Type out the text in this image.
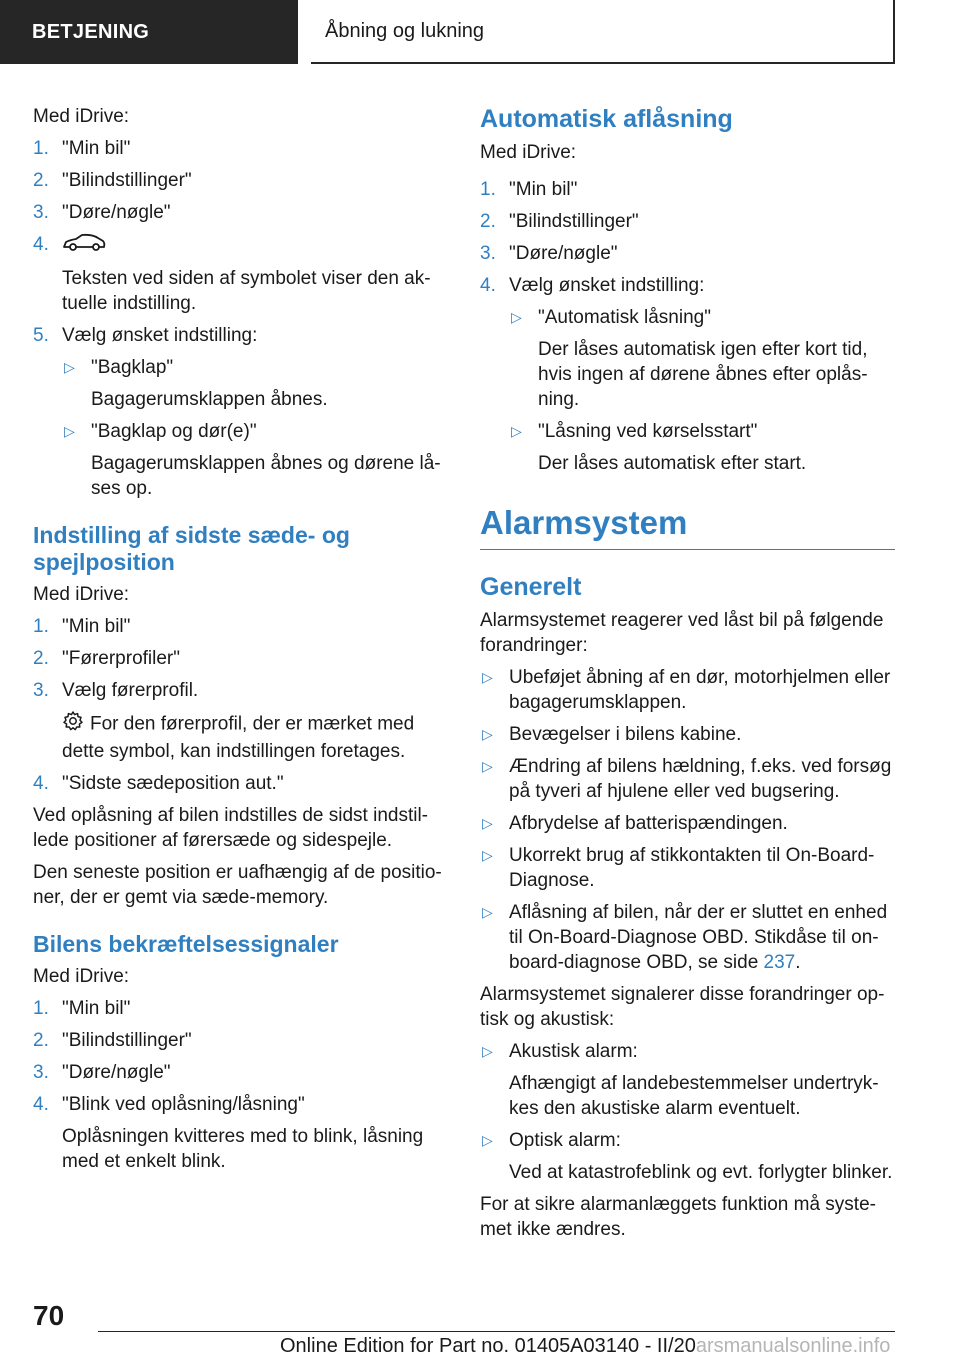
BETJENING	Åbning og lukning

Med iDrive:

1. "Min bil"
2. "Bilindstillinger"
3. "Døre/nøgle"
4.
Teksten ved siden af symbolet viser den ak-tuelle indstilling.
5. Vælg ønsket indstilling:
▷ "Bagklap"
Bagagerumsklappen åbnes.
▷ "Bagklap og dør(e)"
Bagagerumsklappen åbnes og dørene lå-ses op.
Indstilling af sidste sæde- og spejlposition

Med iDrive:

1. "Min bil"
2. "Førerprofiler"
3. Vælg førerprofil.
For den førerprofil, der er mærket med dette symbol, kan indstillingen foretages.
4. "Sidste sædeposition aut."

Ved oplåsning af bilen indstilles de sidst indstil-lede positioner af førersæde og sidespejle.

Den seneste position er uafhængig af de positio-ner, der er gemt via sæde-memory.

Bilens bekræftelsessignaler

Med iDrive:

1. "Min bil"
2. "Bilindstillinger"
3. "Døre/nøgle"
4. "Blink ved oplåsning/låsning"
Oplåsningen kvitteres med to blink, låsning med et enkelt blink.
Automatisk aflåsning

Med iDrive:

1. "Min bil"
2. "Bilindstillinger"
3. "Døre/nøgle"
4. Vælg ønsket indstilling:
▷ "Automatisk låsning"
Der låses automatisk igen efter kort tid, hvis ingen af dørene åbnes efter oplås-ning.
▷ "Låsning ved kørselsstart"
Der låses automatisk efter start.
Alarmsystem
Generelt

Alarmsystemet reagerer ved låst bil på følgende forandringer:

▷ Ubeføjet åbning af en dør, motorhjelmen eller bagagerumsklappen.
▷ Bevægelser i bilens kabine.
▷ Ændring af bilens hældning, f.eks. ved forsøg på tyveri af hjulene eller ved bugsering.
▷ Afbrydelse af batterispændingen.
▷ Ukorrekt brug af stikkontakten til On-Board-Diagnose.
▷ Aflåsning af bilen, når der er sluttet en enhed til On-Board-Diagnose OBD. Stikdåse til on-board-diagnose OBD, se side 237.

Alarmsystemet signalerer disse forandringer op-tisk og akustisk:

▷ Akustisk alarm:
Afhængigt af landebestemmelser undertryk-kes den akustiske alarm eventuelt.
▷ Optisk alarm:
Ved at katastrofeblink og evt. forlygter blinker.

For at sikre alarmanlæggets funktion må syste-met ikke ændres.

70
Online Edition for Part no. 01405A03140 - II/20arsmanualsonline.info
